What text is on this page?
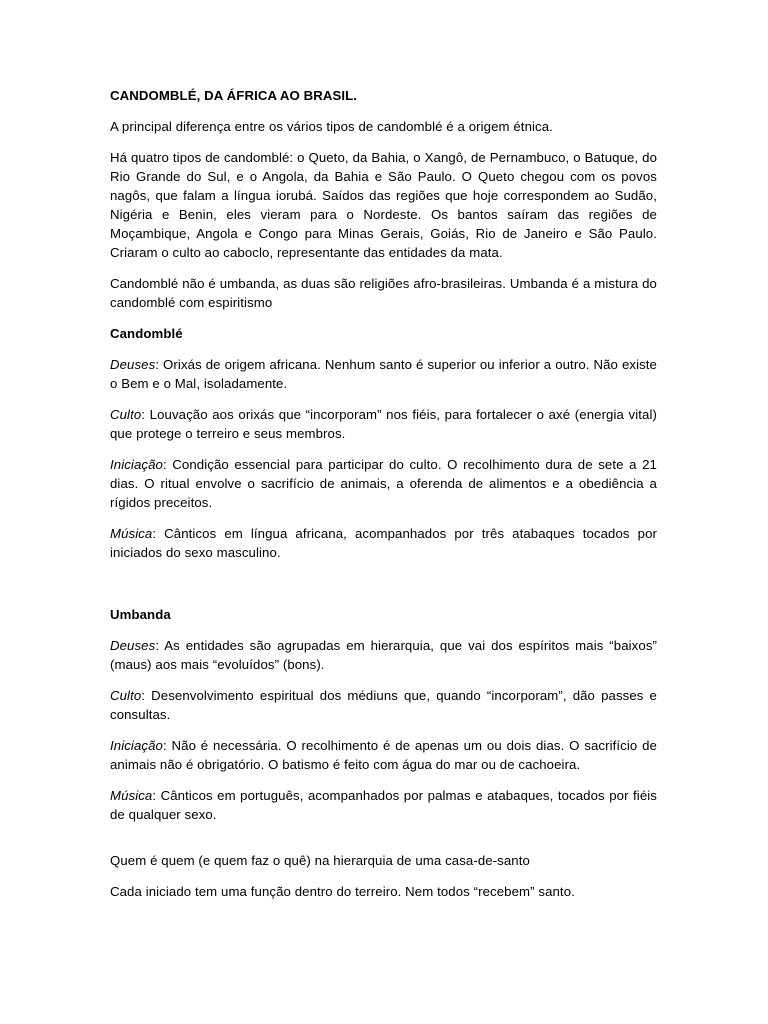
CANDOMBLÉ, DA ÁFRICA AO BRASIL.

A principal diferença entre os vários tipos de candomblé é a origem étnica.

Há quatro tipos de candomblé: o Queto, da Bahia, o Xangô, de Pernambuco, o Batuque, do Rio Grande do Sul, e o Angola, da Bahia e São Paulo. O Queto chegou com os povos nagôs, que falam a língua iorubá. Saídos das regiões que hoje correspondem ao Sudão, Nigéria e Benin, eles vieram para o Nordeste. Os bantos saíram das regiões de Moçambique, Angola e Congo para Minas Gerais, Goiás, Rio de Janeiro e São Paulo. Criaram o culto ao caboclo, representante das entidades da mata.

Candomblé não é umbanda, as duas são religiões afro-brasileiras. Umbanda é a mistura do candomblé com espiritismo

Candomblé

Deuses: Orixás de origem africana. Nenhum santo é superior ou inferior a outro. Não existe o Bem e o Mal, isoladamente.

Culto: Louvação aos orixás que “incorporam” nos fiéis, para fortalecer o axé (energia vital) que protege o terreiro e seus membros.

Iniciação: Condição essencial para participar do culto. O recolhimento dura de sete a 21 dias. O ritual envolve o sacrifício de animais, a oferenda de alimentos e a obediência a rígidos preceitos.

Música: Cânticos em língua africana, acompanhados por três atabaques tocados por iniciados do sexo masculino.

Umbanda

Deuses: As entidades são agrupadas em hierarquia, que vai dos espíritos mais “baixos” (maus) aos mais “evoluídos” (bons).

Culto: Desenvolvimento espiritual dos médiuns que, quando “incorporam”, dão passes e consultas.

Iniciação: Não é necessária. O recolhimento é de apenas um ou dois dias. O sacrifício de animais não é obrigatório. O batismo é feito com água do mar ou de cachoeira.

Música: Cânticos em português, acompanhados por palmas e atabaques, tocados por fiéis de qualquer sexo.

Quem é quem (e quem faz o quê) na hierarquia de uma casa-de-santo

Cada iniciado tem uma função dentro do terreiro. Nem todos “recebem” santo.
